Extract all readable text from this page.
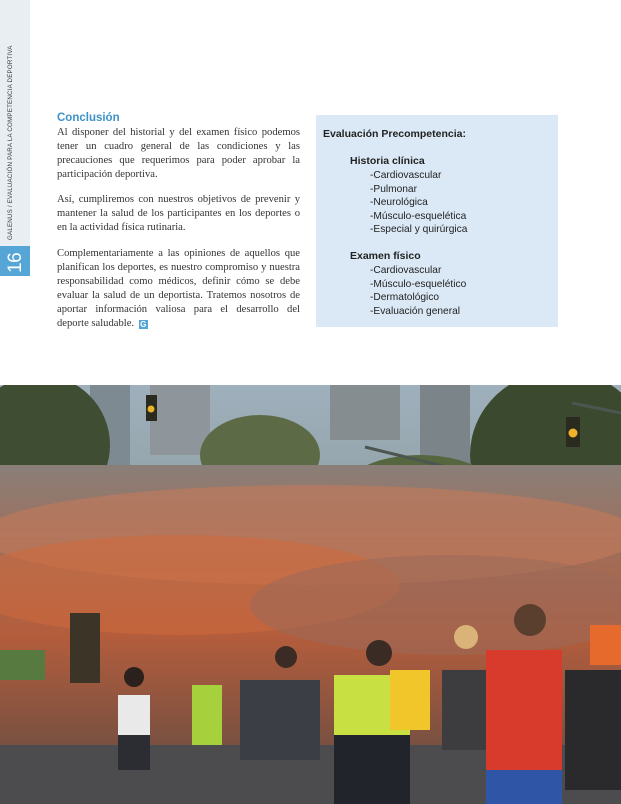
GALENUS / EVALUACIÓN PARA LA COMPETENCIA DEPORTIVA
16
Conclusión

Al disponer del historial y del examen físico podemos tener un cuadro general de las condiciones y las precauciones que requerimos para poder aprobar la participación deportiva.

Así, cumpliremos con nuestros objetivos de prevenir y mantener la salud de los participantes en los deportes o en la actividad física rutinaria.

Complementariamente a las opiniones de aquellos que planifican los deportes, es nuestro compromiso y nuestra responsabilidad como médicos, definir cómo se debe evaluar la salud de un deportista. Tratemos nosotros de aportar información valiosa para el desarrollo del deporte saludable. G

Evaluación Precompetencia:
Historia clínica
-Cardiovascular
-Pulmonar
-Neurológica
-Músculo-esquelética
-Especial y quirúrgica
Examen físico
-Cardiovascular
-Músculo-esquelético
-Dermatológico
-Evaluación general
